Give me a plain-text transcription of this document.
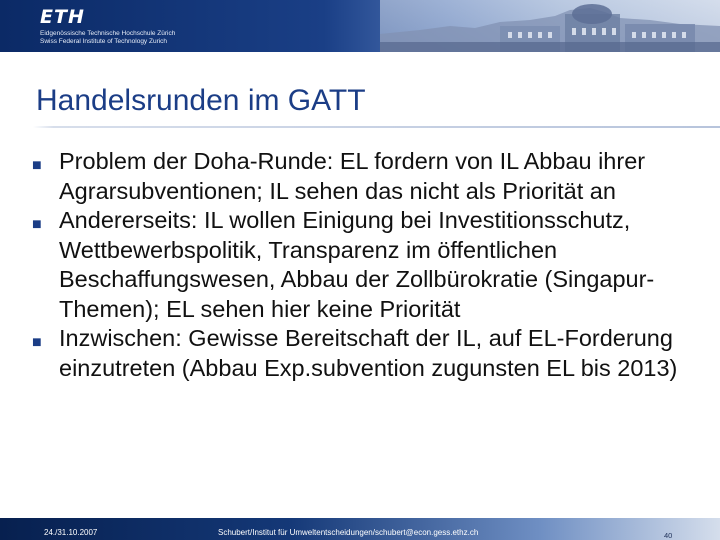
ETH
Eidgenössische Technische Hochschule Zürich
Swiss Federal Institute of Technology Zurich
Handelsrunden im GATT
■ Problem der Doha-Runde: EL fordern von IL Abbau ihrer Agrarsubventionen; IL sehen das nicht als Priorität an
■ Andererseits: IL wollen Einigung bei Investitionsschutz, Wettbewerbspolitik, Transparenz im öffentlichen Beschaffungswesen, Abbau der Zollbürokratie (Singapur-Themen); EL sehen hier keine Priorität
■ Inzwischen: Gewisse Bereitschaft der IL, auf EL-Forderung einzutreten (Abbau Exp.subvention zugunsten EL bis 2013)
24./31.10.2007	Schubert/Institut für Umweltentscheidungen/schubert@econ.gess.ethz.ch	40
